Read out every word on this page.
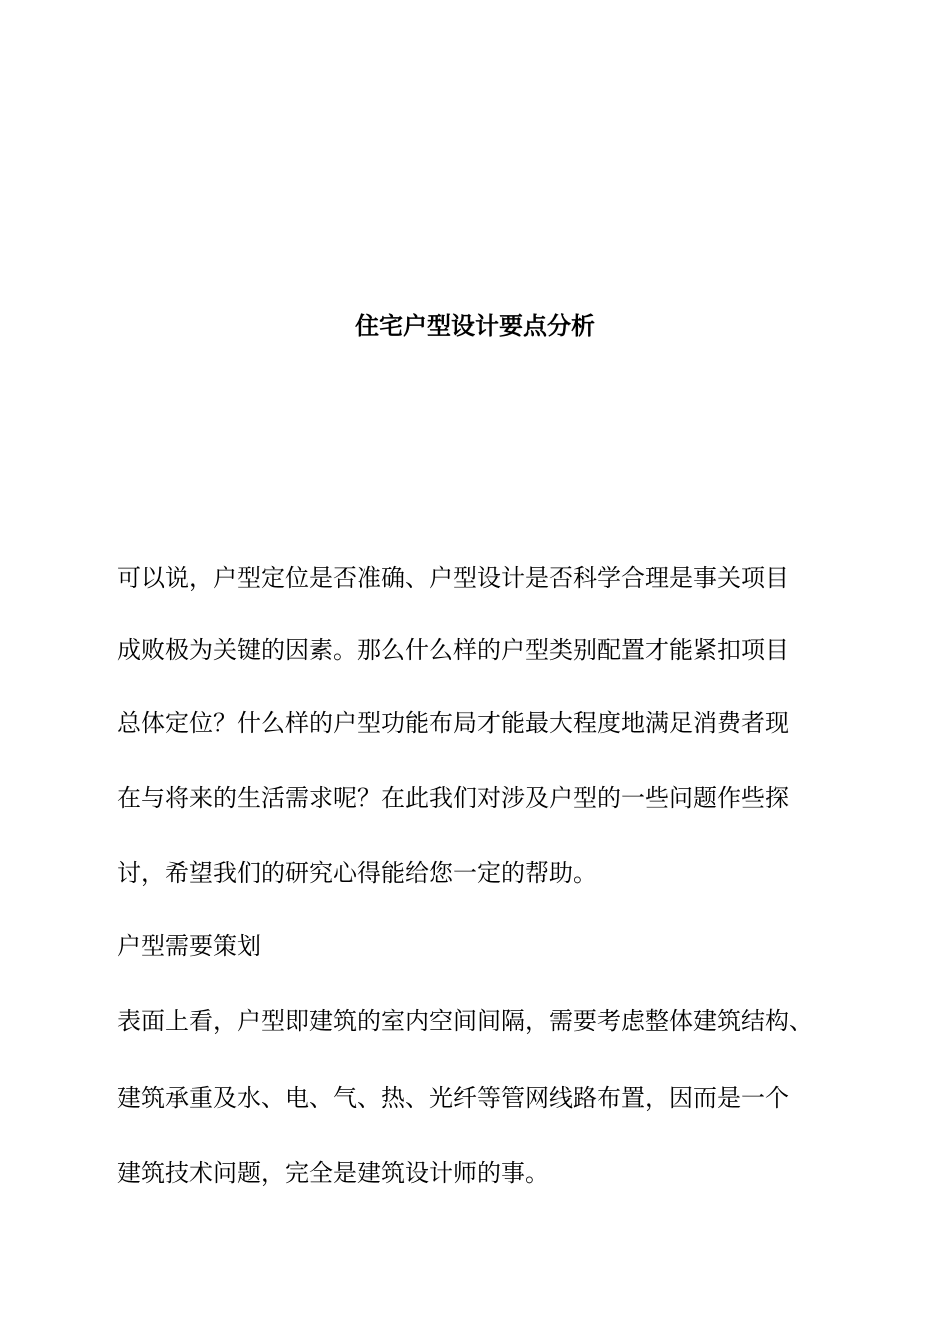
住宅户型设计要点分析
可以说，户型定位是否准确、户型设计是否科学合理是事关项目
成败极为关键的因素。那么什么样的户型类别配置才能紧扣项目
总体定位？什么样的户型功能布局才能最大程度地满足消费者现
在与将来的生活需求呢？在此我们对涉及户型的一些问题作些探
讨，希望我们的研究心得能给您一定的帮助。
户型需要策划
表面上看，户型即建筑的室内空间间隔，需要考虑整体建筑结构、
建筑承重及水、电、气、热、光纤等管网线路布置，因而是一个
建筑技术问题，完全是建筑设计师的事。
